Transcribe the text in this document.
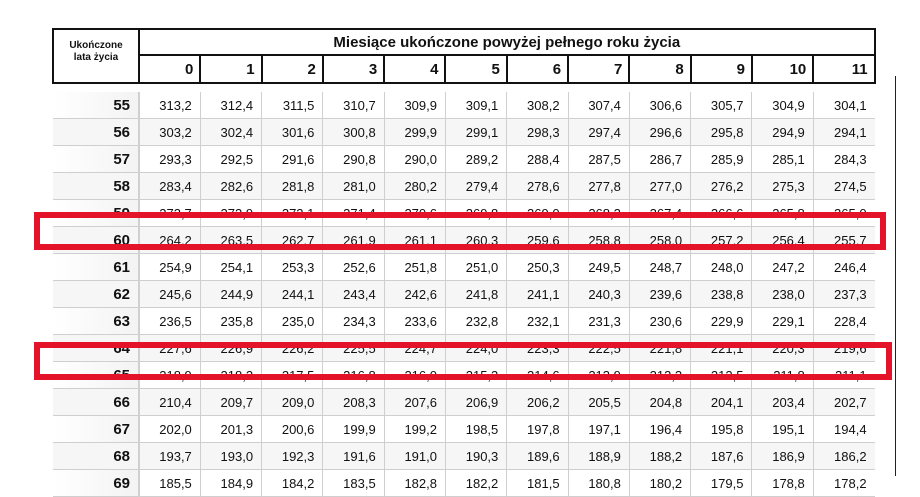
Ukończone
lata życia	Miesiące ukończone powyżej pełnego roku życia											
	0	1	2	3	4	5	6	7	8	9	10	11

55	313,2	312,4	311,5	310,7	309,9	309,1	308,2	307,4	306,6	305,7	304,9	304,1
56	303,2	302,4	301,6	300,8	299,9	299,1	298,3	297,4	296,6	295,8	294,9	294,1
57	293,3	292,5	291,6	290,8	290,0	289,2	288,4	287,5	286,7	285,9	285,1	284,3
58	283,4	282,6	281,8	281,0	280,2	279,4	278,6	277,8	277,0	276,2	275,3	274,5
59	273,7	272,9	272,1	271,4	270,6	269,8	269,0	268,2	267,4	266,6	265,8	265,0
60	264,2	263,5	262,7	261,9	261,1	260,3	259,6	258,8	258,0	257,2	256,4	255,7
61	254,9	254,1	253,3	252,6	251,8	251,0	250,3	249,5	248,7	248,0	247,2	246,4
62	245,6	244,9	244,1	243,4	242,6	241,8	241,1	240,3	239,6	238,8	238,0	237,3
63	236,5	235,8	235,0	234,3	233,6	232,8	232,1	231,3	230,6	229,9	229,1	228,4
64	227,6	226,9	226,2	225,5	224,7	224,0	223,3	222,5	221,8	221,1	220,3	219,6
65	218,9	218,2	217,5	216,8	216,0	215,3	214,6	213,9	213,2	212,5	211,8	211,1
66	210,4	209,7	209,0	208,3	207,6	206,9	206,2	205,5	204,8	204,1	203,4	202,7
67	202,0	201,3	200,6	199,9	199,2	198,5	197,8	197,1	196,4	195,8	195,1	194,4
68	193,7	193,0	192,3	191,6	191,0	190,3	189,6	188,9	188,2	187,6	186,9	186,2
69	185,5	184,9	184,2	183,5	182,8	182,2	181,5	180,8	180,2	179,5	178,8	178,2
